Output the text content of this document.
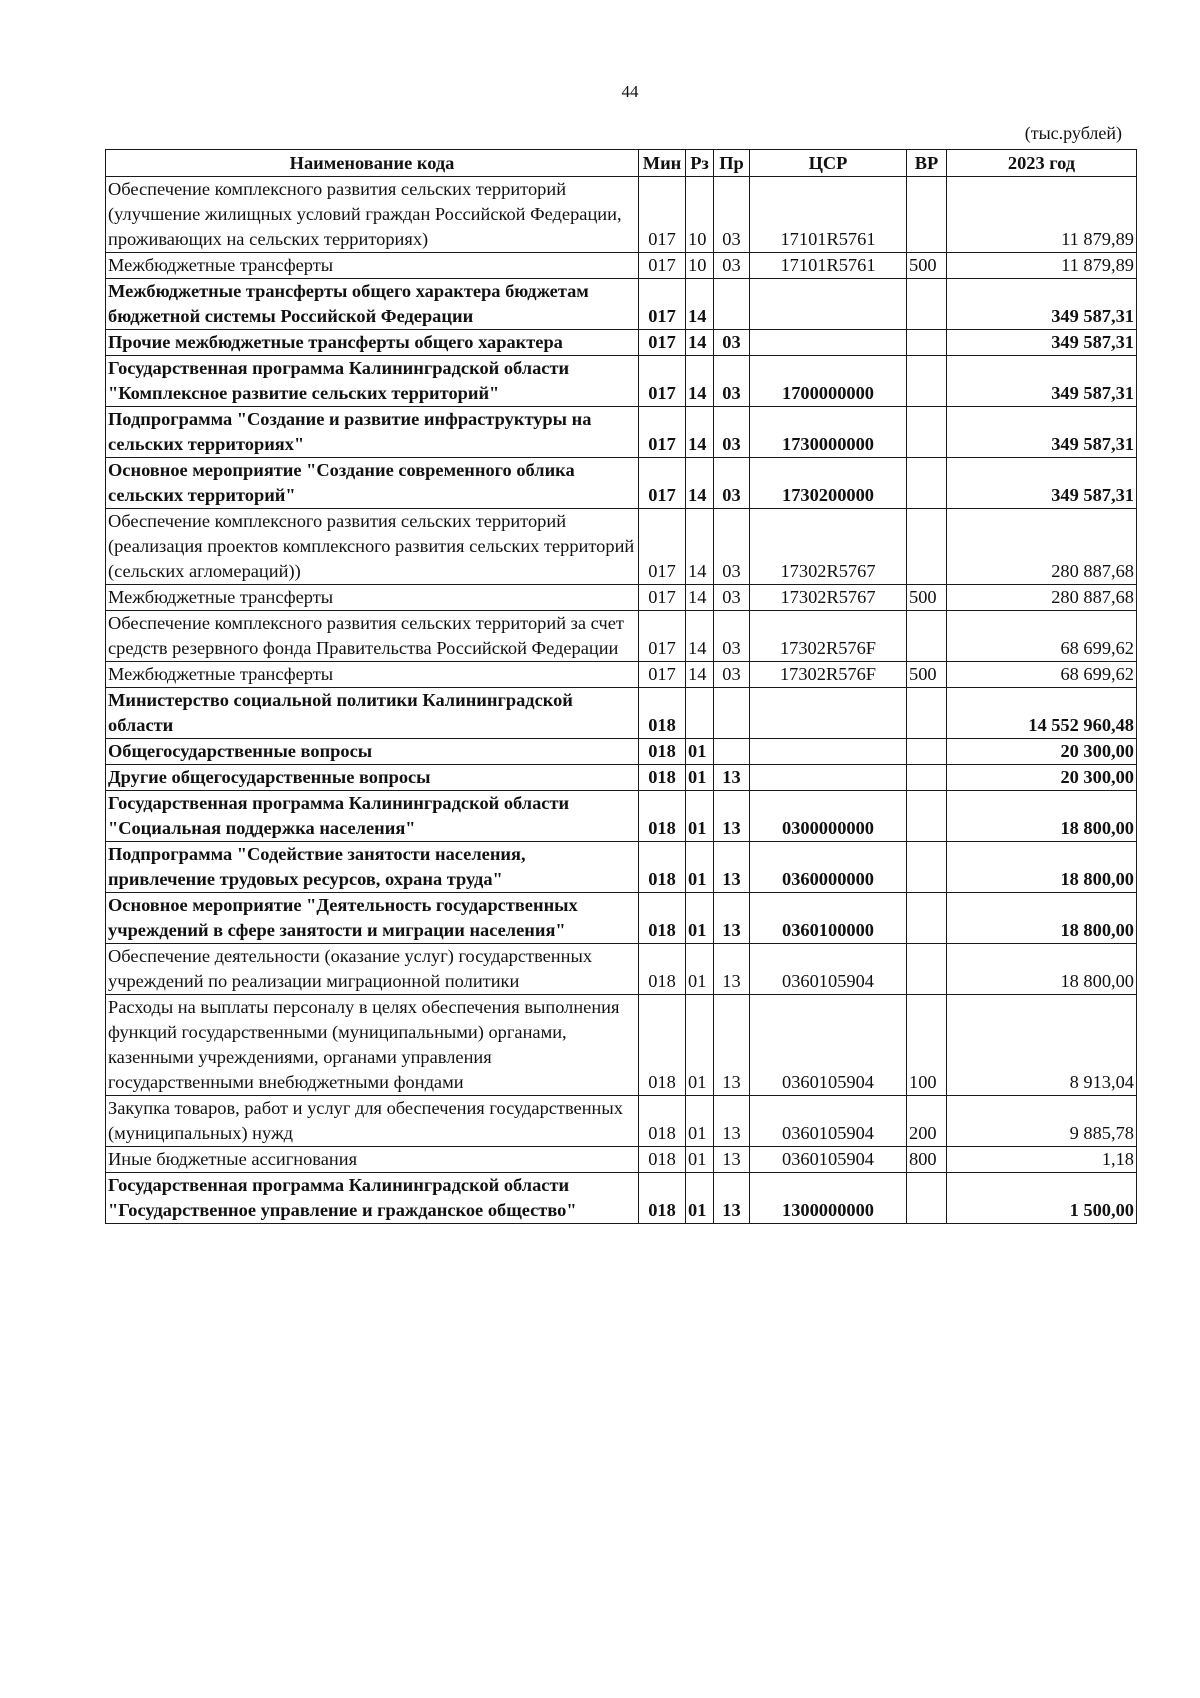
44
(тыс.рублей)
Наименование кода	Мин	Рз	Пр	ЦСР	ВР	2023 год
Обеспечение комплексного развития сельских территорий (улучшение жилищных условий граждан Российской Федерации, проживающих на сельских территориях)	017	10	03	17101R5761		11 879,89
Межбюджетные трансферты	017	10	03	17101R5761	500	11 879,89
Межбюджетные трансферты общего характера бюджетам бюджетной системы Российской Федерации	017	14				349 587,31
Прочие межбюджетные трансферты общего характера	017	14	03			349 587,31
Государственная программа Калининградской области "Комплексное развитие сельских территорий"	017	14	03	1700000000		349 587,31
Подпрограмма "Создание и развитие инфраструктуры на сельских территориях"	017	14	03	1730000000		349 587,31
Основное мероприятие "Создание современного облика сельских территорий"	017	14	03	1730200000		349 587,31
Обеспечение комплексного развития сельских территорий (реализация проектов комплексного развития сельских территорий (сельских агломераций))	017	14	03	17302R5767		280 887,68
Межбюджетные трансферты	017	14	03	17302R5767	500	280 887,68
Обеспечение комплексного развития сельских территорий за счет средств резервного фонда Правительства Российской Федерации	017	14	03	17302R576F		68 699,62
Межбюджетные трансферты	017	14	03	17302R576F	500	68 699,62
Министерство социальной политики Калининградской области	018					14 552 960,48
Общегосударственные вопросы	018	01				20 300,00
Другие общегосударственные вопросы	018	01	13			20 300,00
Государственная программа Калининградской области "Социальная поддержка населения"	018	01	13	0300000000		18 800,00
Подпрограмма "Содействие занятости населения, привлечение трудовых ресурсов, охрана труда"	018	01	13	0360000000		18 800,00
Основное мероприятие "Деятельность государственных учреждений в сфере занятости и миграции населения"	018	01	13	0360100000		18 800,00
Обеспечение деятельности (оказание услуг) государственных учреждений по реализации миграционной политики	018	01	13	0360105904		18 800,00
Расходы на выплаты персоналу в целях обеспечения выполнения функций государственными (муниципальными) органами, казенными учреждениями, органами управления государственными внебюджетными фондами	018	01	13	0360105904	100	8 913,04
Закупка товаров, работ и услуг для обеспечения государственных (муниципальных) нужд	018	01	13	0360105904	200	9 885,78
Иные бюджетные ассигнования	018	01	13	0360105904	800	1,18
Государственная программа Калининградской области "Государственное управление и гражданское общество"	018	01	13	1300000000		1 500,00
